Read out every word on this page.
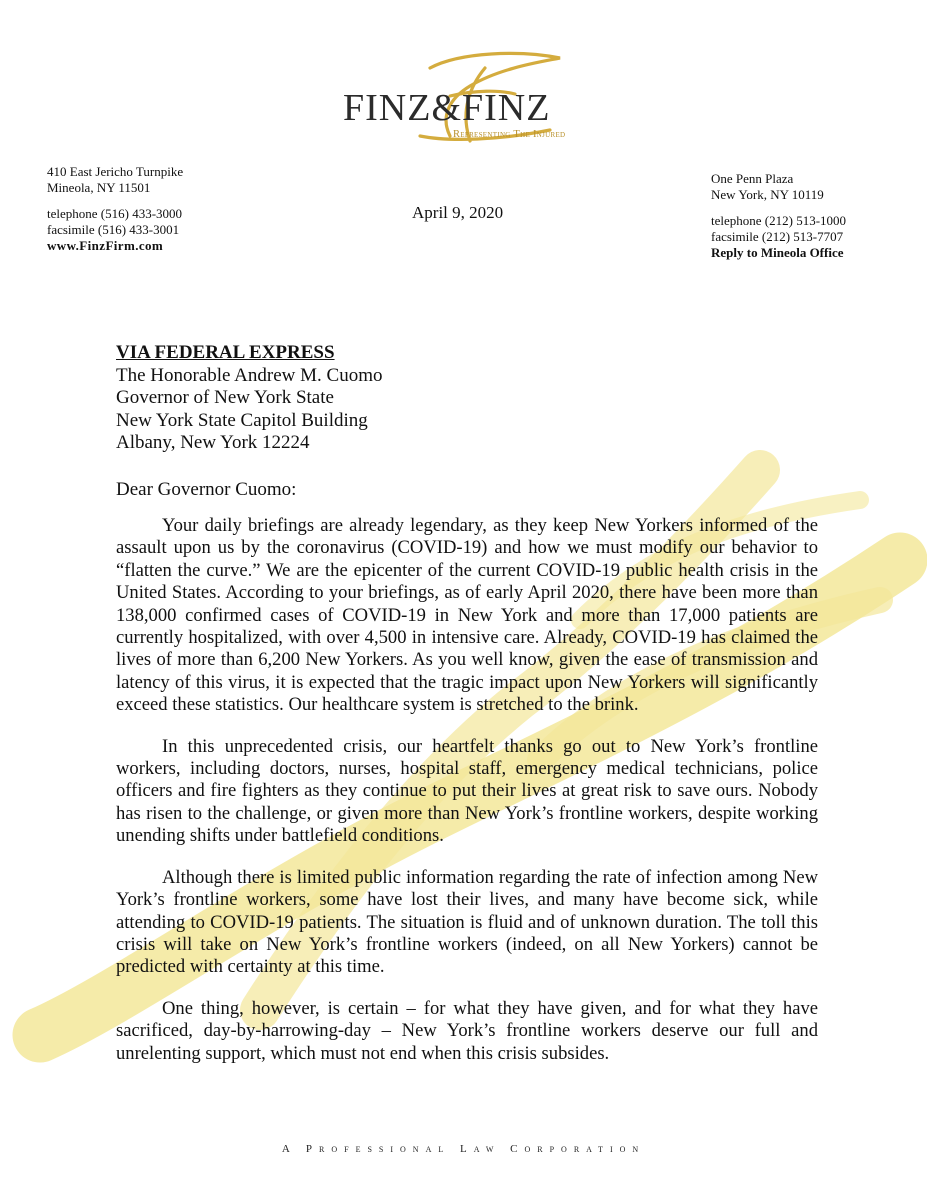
FINZ&FINZ
Representing The Injured
410 East Jericho Turnpike
Mineola, NY 11501
telephone (516) 433-3000
facsimile (516) 433-3001
www.FinzFirm.com
April 9, 2020
One Penn Plaza
New York, NY 10119
telephone (212) 513-1000
facsimile (212) 513-7707
Reply to Mineola Office
VIA FEDERAL EXPRESS
The Honorable Andrew M. Cuomo
Governor of New York State
New York State Capitol Building
Albany, New York 12224
Dear Governor Cuomo:

Your daily briefings are already legendary, as they keep New Yorkers informed of the assault upon us by the coronavirus (COVID-19) and how we must modify our behavior to “flatten the curve.” We are the epicenter of the current COVID-19 public health crisis in the United States. According to your briefings, as of early April 2020, there have been more than 138,000 confirmed cases of COVID-19 in New York and more than 17,000 patients are currently hospitalized, with over 4,500 in intensive care. Already, COVID-19 has claimed the lives of more than 6,200 New Yorkers. As you well know, given the ease of transmission and latency of this virus, it is expected that the tragic impact upon New Yorkers will significantly exceed these statistics. Our healthcare system is stretched to the brink.

In this unprecedented crisis, our heartfelt thanks go out to New York’s frontline workers, including doctors, nurses, hospital staff, emergency medical technicians, police officers and fire fighters as they continue to put their lives at great risk to save ours. Nobody has risen to the challenge, or given more than New York’s frontline workers, despite working unending shifts under battlefield conditions.

Although there is limited public information regarding the rate of infection among New York’s frontline workers, some have lost their lives, and many have become sick, while attending to COVID-19 patients. The situation is fluid and of unknown duration. The toll this crisis will take on New York’s frontline workers (indeed, on all New Yorkers) cannot be predicted with certainty at this time.

One thing, however, is certain – for what they have given, and for what they have sacrificed, day-by-harrowing-day – New York’s frontline workers deserve our full and unrelenting support, which must not end when this crisis subsides.

A Professional Law Corporation
